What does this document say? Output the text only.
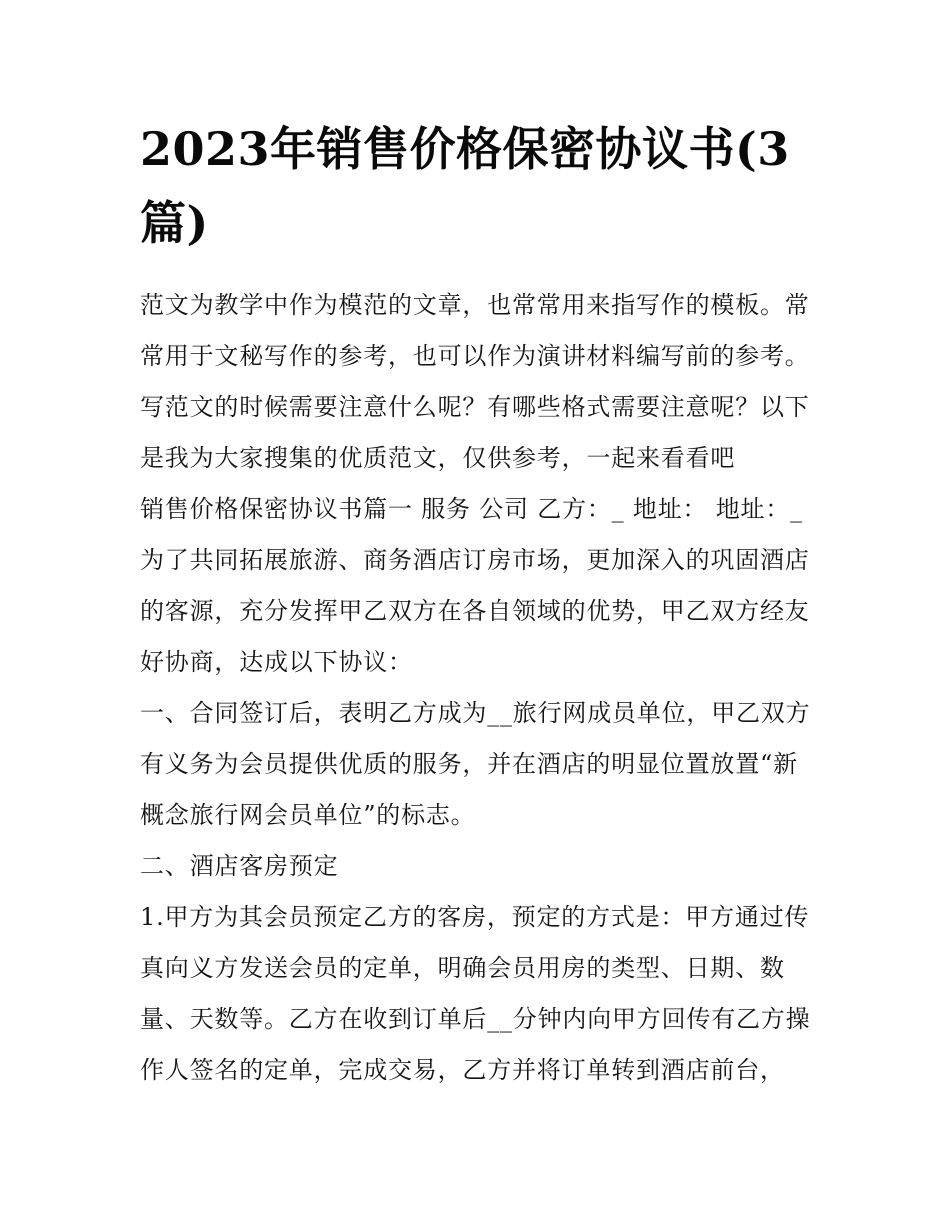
2023年销售价格保密协议书(3篇)

范文为教学中作为模范的文章，也常常用来指写作的模板。常常用于文秘写作的参考，也可以作为演讲材料编写前的参考。写范文的时候需要注意什么呢？有哪些格式需要注意呢？以下是我为大家搜集的优质范文，仅供参考，一起来看看吧

销售价格保密协议书篇一 服务 公司 乙方：_ 地址： 地址：_ 为了共同拓展旅游、商务酒店订房市场，更加深入的巩固酒店的客源，充分发挥甲乙双方在各自领域的优势，甲乙双方经友好协商，达成以下协议：

一、合同签订后，表明乙方成为__旅行网成员单位，甲乙双方有义务为会员提供优质的服务，并在酒店的明显位置放置“新概念旅行网会员单位”的标志。

二、酒店客房预定

1.甲方为其会员预定乙方的客房，预定的方式是：甲方通过传真向义方发送会员的定单，明确会员用房的类型、日期、数量、天数等。乙方在收到订单后__分钟内向甲方回传有乙方操作人签名的定单，完成交易，乙方并将订单转到酒店前台，
